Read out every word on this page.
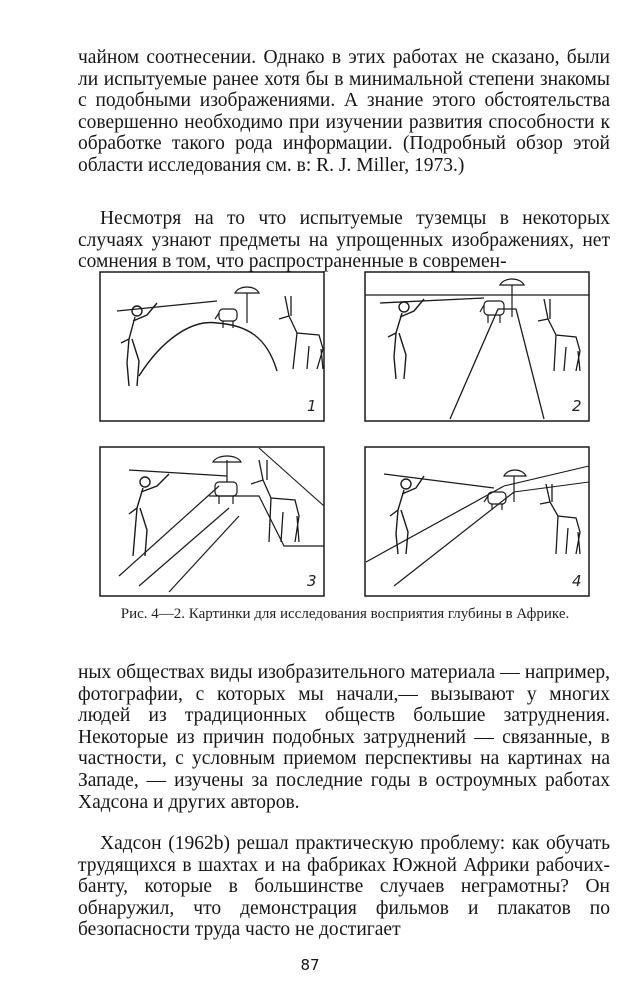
чайном соотнесении. Однако в этих работах не сказано, были ли испытуемые ранее хотя бы в минимальной степени знакомы с подобными изображениями. А знание этого обстоятельства совершенно необходимо при изучении развития способности к обработке такого рода информации. (Подробный обзор этой области исследования см. в: R. J. Miller, 1973.)

Несмотря на то что испытуемые туземцы в некоторых случаях узнают предметы на упрощенных изображениях, нет сомнения в том, что распространенные в современ-

1	2
3	4
Рис. 4—2. Картинки для исследования восприятия глубины в Африке.

ных обществах виды изобразительного материала — например, фотографии, с которых мы начали,— вызывают у многих людей из традиционных обществ большие затруднения. Некоторые из причин подобных затруднений — связанные, в частности, с условным приемом перспективы на картинах на Западе, — изучены за последние годы в остроумных работах Хадсона и других авторов.

Хадсон (1962b) решал практическую проблему: как обучать трудящихся в шахтах и на фабриках Южной Африки рабочих-банту, которые в большинстве случаев неграмотны? Он обнаружил, что демонстрация фильмов и плакатов по безопасности труда часто не достигает

87
